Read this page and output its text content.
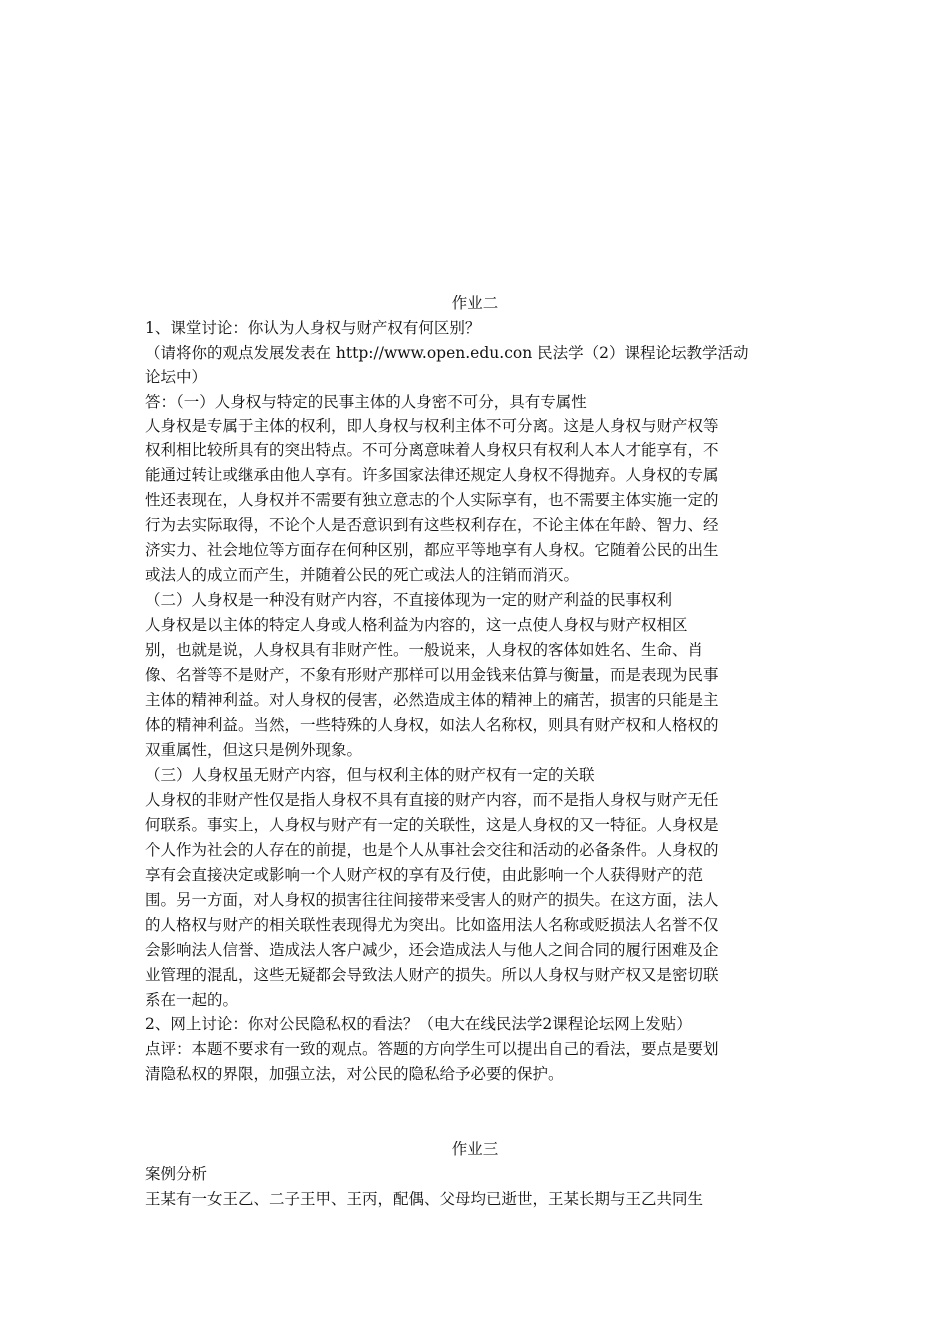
作业二
1、课堂讨论：你认为人身权与财产权有何区别？
（请将你的观点发展发表在 http://www.open.edu.con 民法学（2）课程论坛教学活动
论坛中）
答：（一）人身权与特定的民事主体的人身密不可分，具有专属性
人身权是专属于主体的权利，即人身权与权利主体不可分离。这是人身权与财产权等
权利相比较所具有的突出特点。不可分离意味着人身权只有权利人本人才能享有，不
能通过转让或继承由他人享有。许多国家法律还规定人身权不得抛弃。人身权的专属
性还表现在，人身权并不需要有独立意志的个人实际享有，也不需要主体实施一定的
行为去实际取得，不论个人是否意识到有这些权利存在，不论主体在年龄、智力、经
济实力、社会地位等方面存在何种区别，都应平等地享有人身权。它随着公民的出生
或法人的成立而产生，并随着公民的死亡或法人的注销而消灭。
（二）人身权是一种没有财产内容，不直接体现为一定的财产利益的民事权利
人身权是以主体的特定人身或人格利益为内容的，这一点使人身权与财产权相区
别，也就是说，人身权具有非财产性。一般说来，人身权的客体如姓名、生命、肖
像、名誉等不是财产，不象有形财产那样可以用金钱来估算与衡量，而是表现为民事
主体的精神利益。对人身权的侵害，必然造成主体的精神上的痛苦，损害的只能是主
体的精神利益。当然，一些特殊的人身权，如法人名称权，则具有财产权和人格权的
双重属性，但这只是例外现象。
（三）人身权虽无财产内容，但与权利主体的财产权有一定的关联
人身权的非财产性仅是指人身权不具有直接的财产内容，而不是指人身权与财产无任
何联系。事实上，人身权与财产有一定的关联性，这是人身权的又一特征。人身权是
个人作为社会的人存在的前提，也是个人从事社会交往和活动的必备条件。人身权的
享有会直接决定或影响一个人财产权的享有及行使，由此影响一个人获得财产的范
围。另一方面，对人身权的损害往往间接带来受害人的财产的损失。在这方面，法人
的人格权与财产的相关联性表现得尤为突出。比如盗用法人名称或贬损法人名誉不仅
会影响法人信誉、造成法人客户减少，还会造成法人与他人之间合同的履行困难及企
业管理的混乱，这些无疑都会导致法人财产的损失。所以人身权与财产权又是密切联
系在一起的。
2、网上讨论：你对公民隐私权的看法？（电大在线民法学2课程论坛网上发贴）
点评：本题不要求有一致的观点。答题的方向学生可以提出自己的看法，要点是要划
清隐私权的界限，加强立法，对公民的隐私给予必要的保护。
作业三
案例分析
王某有一女王乙、二子王甲、王丙，配偶、父母均已逝世，王某长期与王乙共同生
